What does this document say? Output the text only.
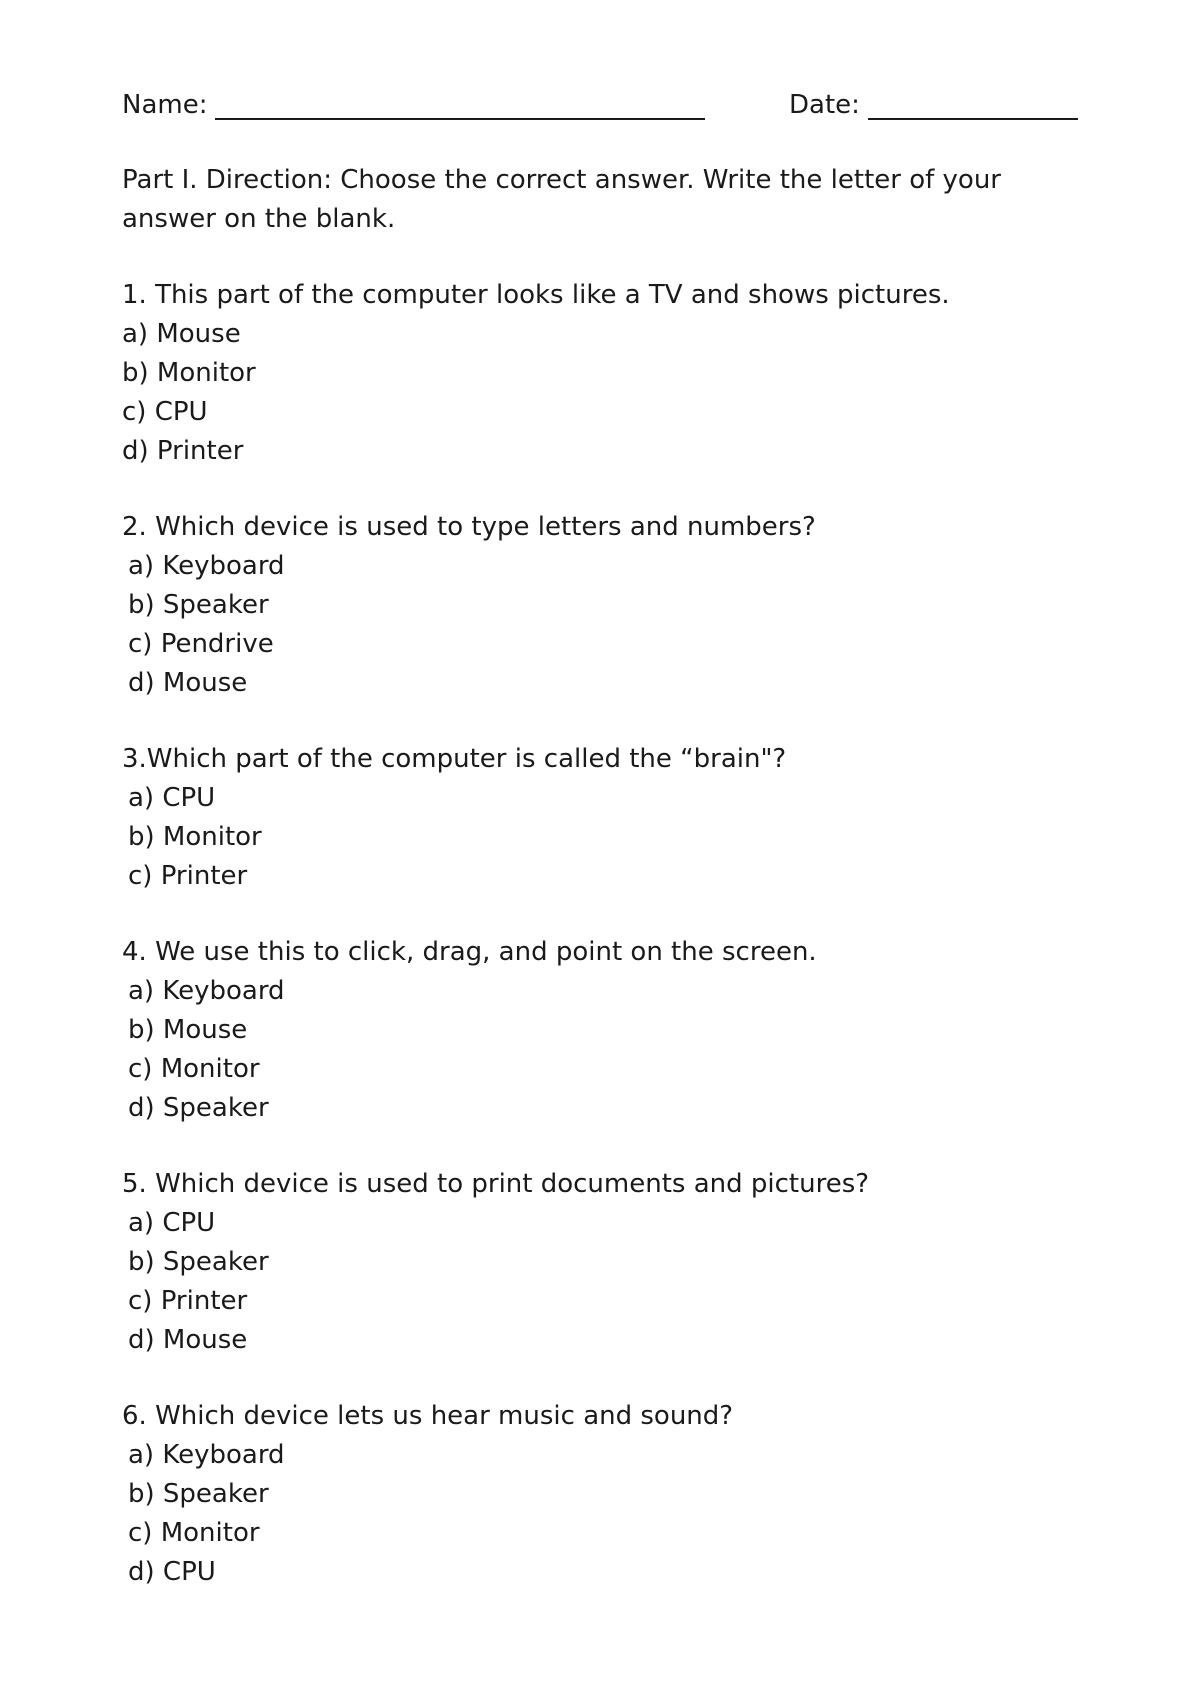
Name:	Date:
Part I. Direction: Choose the correct answer. Write the letter of your answer on the blank.
1. This part of the computer looks like a TV and shows pictures.
a) Mouse
b) Monitor
c) CPU
d) Printer
2. Which device is used to type letters and numbers?
a) Keyboard
b) Speaker
c) Pendrive
d) Mouse
3.Which part of the computer is called the “brain"?
a) CPU
b) Monitor
c) Printer
4. We use this to click, drag, and point on the screen.
a) Keyboard
b) Mouse
c) Monitor
d) Speaker
5. Which device is used to print documents and pictures?
a) CPU
b) Speaker
c) Printer
d) Mouse
6. Which device lets us hear music and sound?
a) Keyboard
b) Speaker
c) Monitor
d) CPU
